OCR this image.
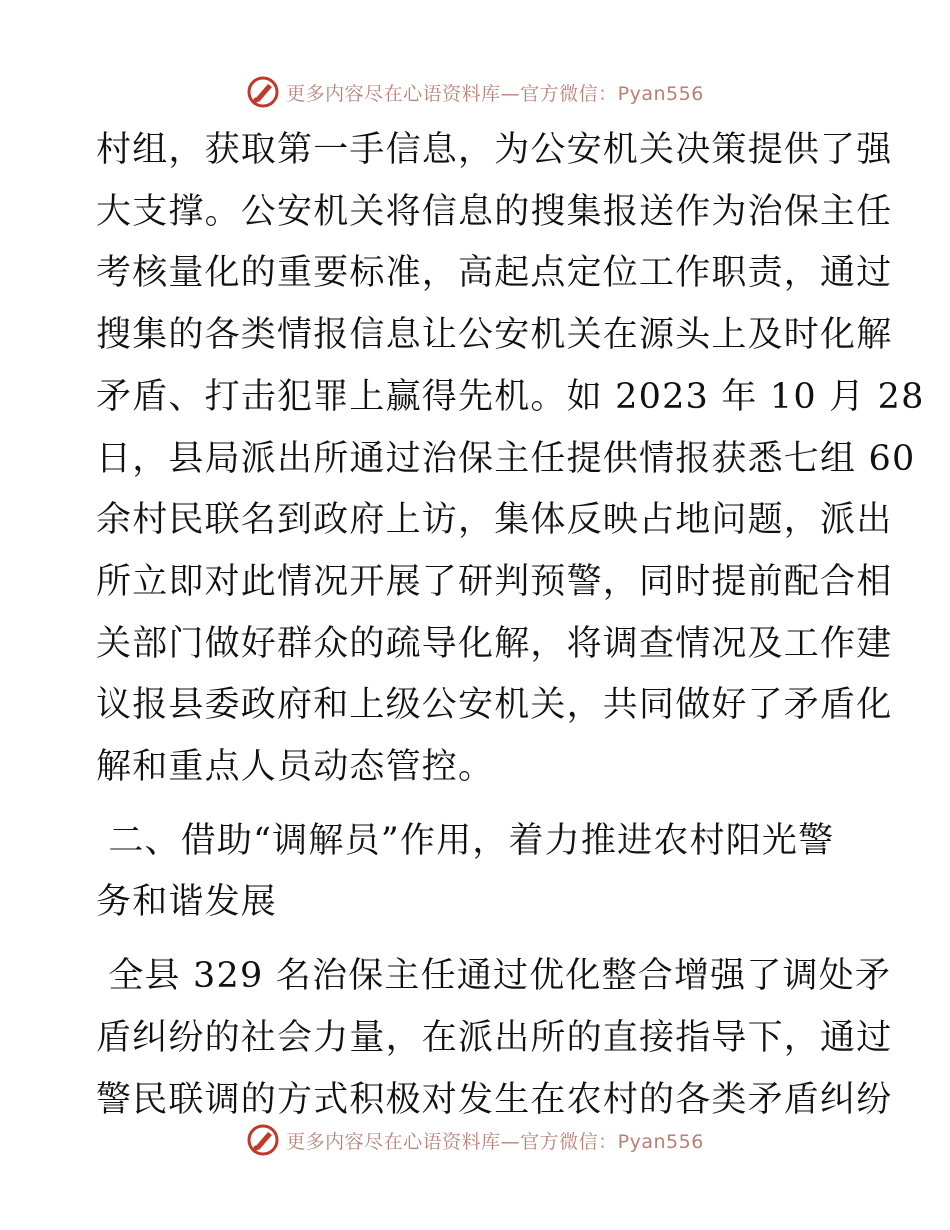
更多内容尽在心语资料库—官方微信：Pyan556
村组，获取第一手信息，为公安机关决策提供了强
大支撑。公安机关将信息的搜集报送作为治保主任
考核量化的重要标准，高起点定位工作职责，通过
搜集的各类情报信息让公安机关在源头上及时化解
矛盾、打击犯罪上赢得先机。如 2023 年 10 月 28
日，县局派出所通过治保主任提供情报获悉七组 60
余村民联名到政府上访，集体反映占地问题，派出
所立即对此情况开展了研判预警，同时提前配合相
关部门做好群众的疏导化解，将调查情况及工作建
议报县委政府和上级公安机关，共同做好了矛盾化
解和重点人员动态管控。
二、借助“调解员”作用，着力推进农村阳光警
务和谐发展
全县 329 名治保主任通过优化整合增强了调处矛
盾纠纷的社会力量，在派出所的直接指导下，通过
警民联调的方式积极对发生在农村的各类矛盾纠纷
更多内容尽在心语资料库—官方微信：Pyan556
